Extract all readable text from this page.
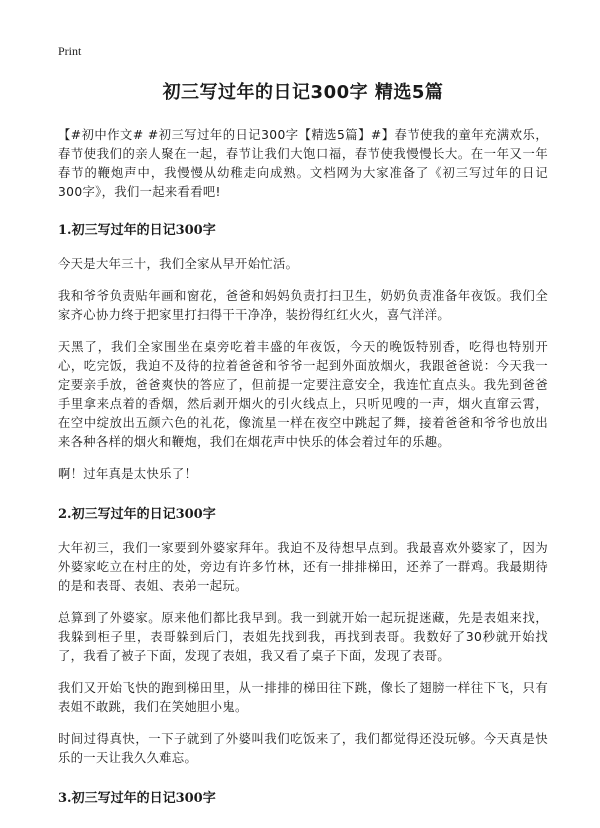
Print
初三写过年的日记300字 精选5篇

【#初中作文# #初三写过年的日记300字【精选5篇】#】春节使我的童年充满欢乐，春节使我们的亲人聚在一起，春节让我们大饱口福，春节使我慢慢长大。在一年又一年春节的鞭炮声中，我慢慢从幼稚走向成熟。文档网为大家准备了《初三写过年的日记300字》，我们一起来看看吧!

1.初三写过年的日记300字

今天是大年三十，我们全家从早开始忙活。

我和爷爷负责贴年画和窗花，爸爸和妈妈负责打扫卫生，奶奶负责准备年夜饭。我们全家齐心协力终于把家里打扫得干干净净，装扮得红红火火，喜气洋洋。

天黑了，我们全家围坐在桌旁吃着丰盛的年夜饭，今天的晚饭特别香，吃得也特别开心，吃完饭，我迫不及待的拉着爸爸和爷爷一起到外面放烟火，我跟爸爸说：今天我一定要亲手放，爸爸爽快的答应了，但前提一定要注意安全，我连忙直点头。我先到爸爸手里拿来点着的香烟，然后剥开烟火的引火线点上，只听见嗖的一声，烟火直窜云霄，在空中绽放出五颜六色的礼花，像流星一样在夜空中跳起了舞，接着爸爸和爷爷也放出来各种各样的烟火和鞭炮，我们在烟花声中快乐的体会着过年的乐趣。

啊！过年真是太快乐了！

2.初三写过年的日记300字

大年初三，我们一家要到外婆家拜年。我迫不及待想早点到。我最喜欢外婆家了，因为外婆家屹立在村庄的处，旁边有许多竹林，还有一排排梯田，还养了一群鸡。我最期待的是和表哥、表姐、表弟一起玩。

总算到了外婆家。原来他们都比我早到。我一到就开始一起玩捉迷藏，先是表姐来找，我躲到柜子里，表哥躲到后门，表姐先找到我，再找到表哥。我数好了30秒就开始找了，我看了被子下面，发现了表姐，我又看了桌子下面，发现了表哥。

我们又开始飞快的跑到梯田里，从一排排的梯田往下跳，像长了翅膀一样往下飞，只有表姐不敢跳，我们在笑她胆小鬼。

时间过得真快，一下子就到了外婆叫我们吃饭来了，我们都觉得还没玩够。今天真是快乐的一天让我久久难忘。

3.初三写过年的日记300字
